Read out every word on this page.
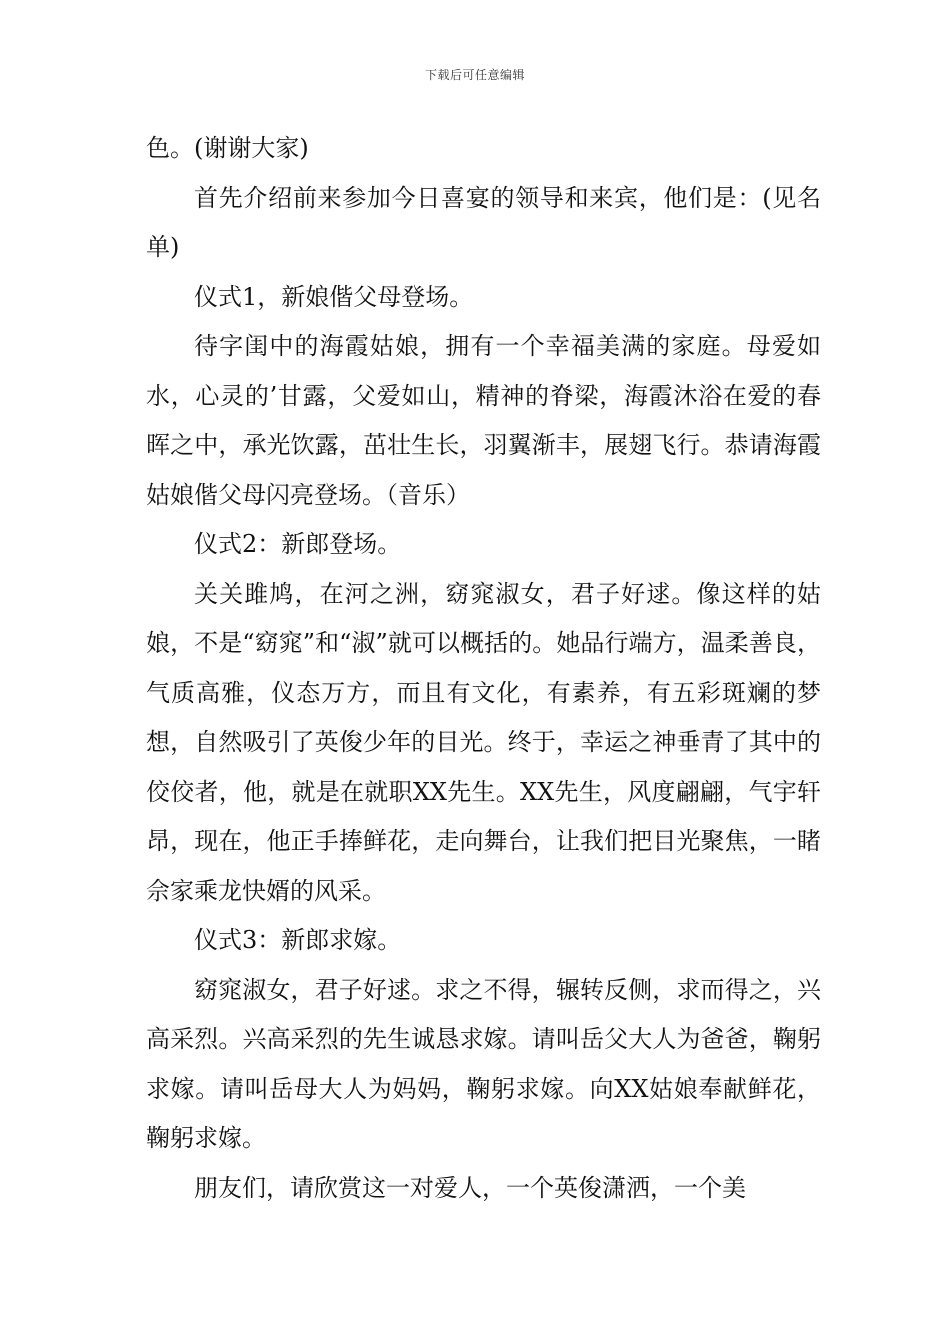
下载后可任意编辑

色。(谢谢大家)

首先介绍前来参加今日喜宴的领导和来宾，他们是：(见名单)

仪式1，新娘偕父母登场。

待字闺中的海霞姑娘，拥有一个幸福美满的家庭。母爱如水，心灵的’甘露，父爱如山，精神的脊梁，海霞沐浴在爱的春晖之中，承光饮露，茁壮生长，羽翼渐丰，展翅飞行。恭请海霞姑娘偕父母闪亮登场。（音乐）

仪式2：新郎登场。

关关雎鸠，在河之洲，窈窕淑女，君子好逑。像这样的姑娘，不是“窈窕”和“淑”就可以概括的。她品行端方，温柔善良，气质高雅，仪态万方，而且有文化，有素养，有五彩斑斓的梦想，自然吸引了英俊少年的目光。终于，幸运之神垂青了其中的佼佼者，他，就是在就职XX先生。XX先生，风度翩翩，气宇轩昂，现在，他正手捧鲜花，走向舞台，让我们把目光聚焦，一睹佘家乘龙快婿的风采。

仪式3：新郎求嫁。

窈窕淑女，君子好逑。求之不得，辗转反侧，求而得之，兴高采烈。兴高采烈的先生诚恳求嫁。请叫岳父大人为爸爸，鞠躬求嫁。请叫岳母大人为妈妈，鞠躬求嫁。向XX姑娘奉献鲜花，鞠躬求嫁。

朋友们，请欣赏这一对爱人，一个英俊潇洒，一个美
